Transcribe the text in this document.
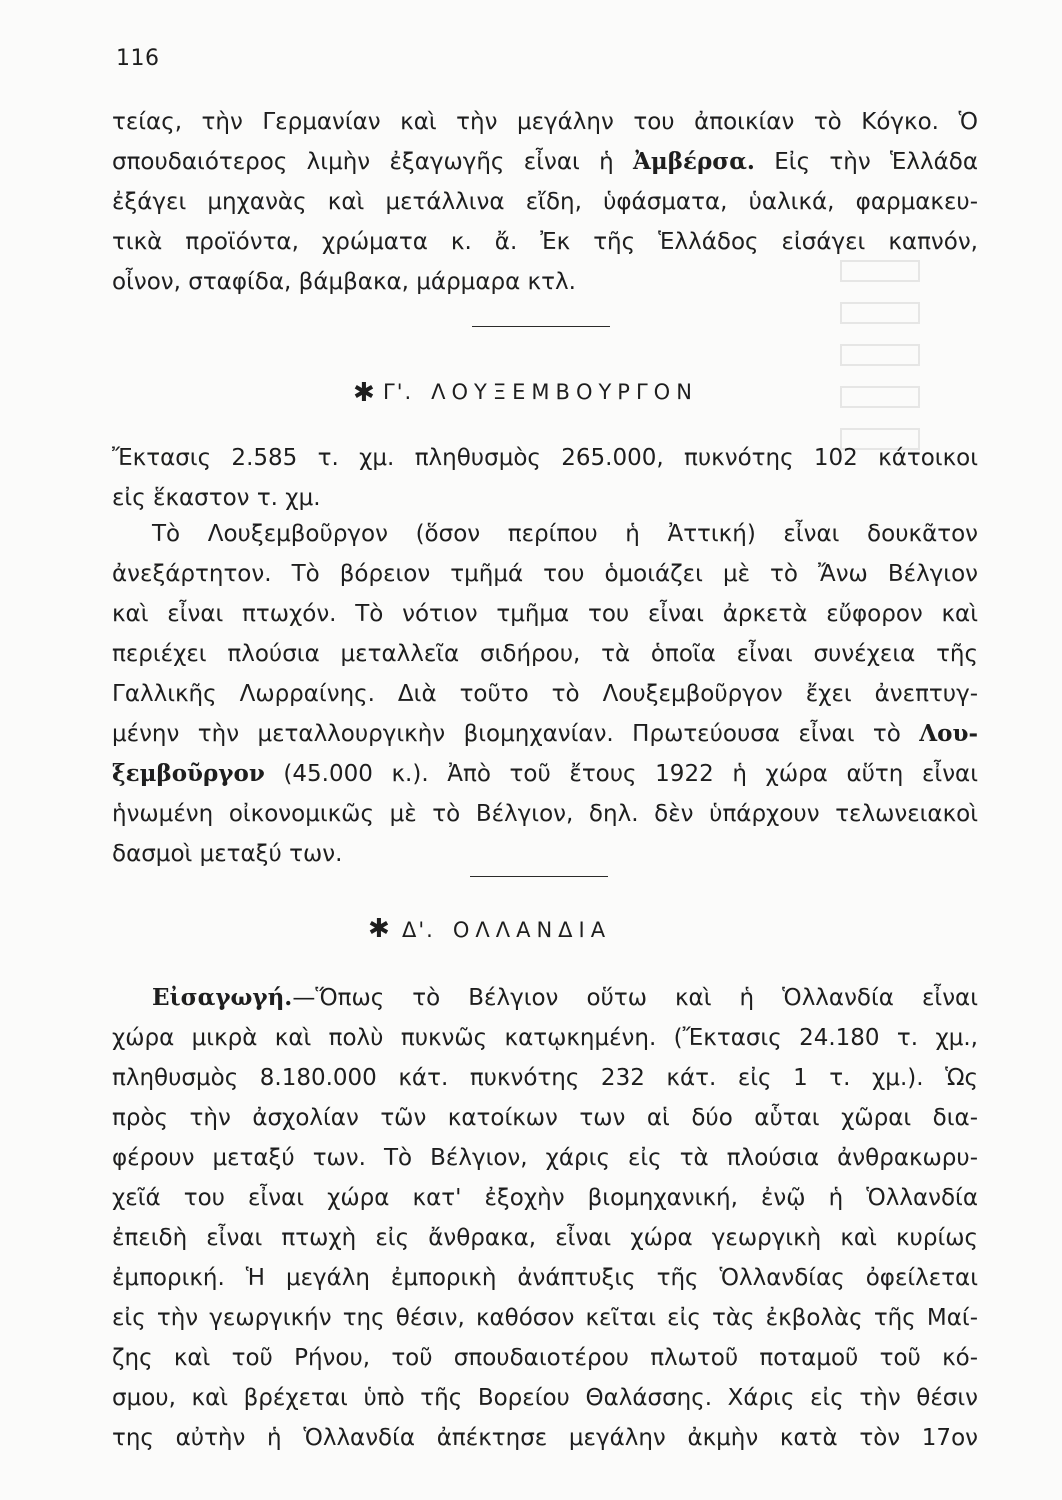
116
τείας, τὴν Γερμανίαν καὶ τὴν μεγάλην του ἀποικίαν τὸ Κόγκο. Ὁ
σπουδαιότερος λιμὴν ἐξαγωγῆς εἶναι ἡ Ἀμβέρσα. Εἰς τὴν Ἑλλάδα
ἐξάγει μηχανὰς καὶ μετάλλινα εἴδη, ὑφάσματα, ὑαλικά, φαρμακευ-
τικὰ προϊόντα, χρώματα κ. ἄ. Ἐκ τῆς Ἑλλάδος εἰσάγει καπνόν,
οἶνον, σταφίδα, βάμβακα, μάρμαρα κτλ.
✱ Γ'. ΛΟΥΞΕΜΒΟΥΡΓΟΝ
Ἔκτασις 2.585 τ. χμ. πληθυσμὸς 265.000, πυκνότης 102 κάτοικοι
εἰς ἕκαστον τ. χμ.
Τὸ Λουξεμβοῦργον (ὅσον περίπου ἡ Ἀττική) εἶναι δουκᾶτον
ἀνεξάρτητον. Τὸ βόρειον τμῆμά του ὁμοιάζει μὲ τὸ Ἄνω Βέλγιον
καὶ εἶναι πτωχόν. Τὸ νότιον τμῆμα του εἶναι ἀρκετὰ εὔφορον καὶ
περιέχει πλούσια μεταλλεῖα σιδήρου, τὰ ὁποῖα εἶναι συνέχεια τῆς
Γαλλικῆς Λωρραίνης. Διὰ τοῦτο τὸ Λουξεμβοῦργον ἔχει ἀνεπτυγ-
μένην τὴν μεταλλουργικὴν βιομηχανίαν. Πρωτεύουσα εἶναι τὸ Λου-
ξεμβοῦργον (45.000 κ.). Ἀπὸ τοῦ ἔτους 1922 ἡ χώρα αὕτη εἶναι
ἡνωμένη οἰκονομικῶς μὲ τὸ Βέλγιον, δηλ. δὲν ὑπάρχουν τελωνειακοὶ
δασμοὶ μεταξύ των.
✱ Δ'. ΟΛΛΑΝΔΙΑ
Εἰσαγωγή.—Ὅπως τὸ Βέλγιον οὕτω καὶ ἡ Ὁλλανδία εἶναι
χώρα μικρὰ καὶ πολὺ πυκνῶς κατῳκημένη. (Ἔκτασις 24.180 τ. χμ.,
πληθυσμὸς 8.180.000 κάτ. πυκνότης 232 κάτ. εἰς 1 τ. χμ.). Ὡς
πρὸς τὴν ἀσχολίαν τῶν κατοίκων των αἱ δύο αὗται χῶραι δια-
φέρουν μεταξύ των. Τὸ Βέλγιον, χάρις εἰς τὰ πλούσια ἀνθρακωρυ-
χεῖά του εἶναι χώρα κατ' ἐξοχὴν βιομηχανική, ἐνῷ ἡ Ὁλλανδία
ἐπειδὴ εἶναι πτωχὴ εἰς ἄνθρακα, εἶναι χώρα γεωργικὴ καὶ κυρίως
ἐμπορική. Ἡ μεγάλη ἐμπορικὴ ἀνάπτυξις τῆς Ὁλλανδίας ὀφείλεται
εἰς τὴν γεωργικήν της θέσιν, καθόσον κεῖται εἰς τὰς ἐκβολὰς τῆς Μαί-
ζης καὶ τοῦ Ρήνου, τοῦ σπουδαιοτέρου πλωτοῦ ποταμοῦ τοῦ κό-
σμου, καὶ βρέχεται ὑπὸ τῆς Βορείου Θαλάσσης. Χάρις εἰς τὴν θέσιν
της αὐτὴν ἡ Ὁλλανδία ἀπέκτησε μεγάλην ἀκμὴν κατὰ τὸν 17ον
